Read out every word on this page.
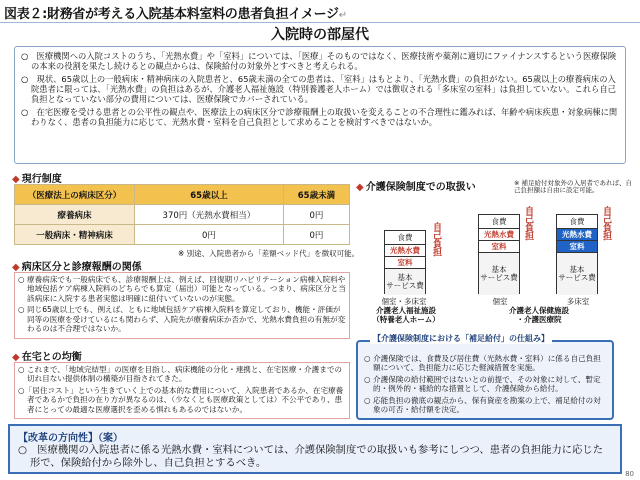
図表２:財務省が考える入院基本料室料の患者負担イメージ↵
入院時の部屋代

○　医療機関への入院コストのうち、「光熱水費」や「室料」については、「医療」そのものではなく、医療技術や薬剤に適切にファイナンスするという医療保険の本来の役割を果たし続けるとの観点からは、保険給付の対象外とすべきと考えられる。

○　現状、65歳以上の一般病床・精神病床の入院患者と、65歳未満の全ての患者は、「室料」はもとより、「光熱水費」の負担がない。65歳以上の療養病床の入院患者に限っては、「光熱水費」の負担はあるが、介護老人福祉施設（特別養護老人ホーム）では徴収される「多床室の室料」は負担していない。これら自己負担となっていない部分の費用については、医療保険でカバーされている。

○　在宅医療を受ける患者との公平性の観点や、医療法上の病床区分で診療報酬上の取扱いを変えることの不合理性に鑑みれば、年齢や病床疾患・対象病棟に関わりなく、患者の負担能力に応じて、光熱水費・室料を自己負担として求めることを検討すべきではないか。

◆ 現行制度
（医療法上の病床区分）	65歳以上	65歳未満
療養病床	370円（光熱水費相当）	0円
一般病床・精神病床	0円	0円
※ 別途、入院患者から「差額ベッド代」を徴収可能。
◆ 病床区分と診療報酬の関係

○ 療養病床でも一般病床でも、診療報酬上は、例えば、回復期リハビリテーション病棟入院料や地域包括ケア病棟入院料のどちらでも算定（届出）可能となっている。つまり、病床区分と当該病床に入院する患者実態は明確に紐付いていないのが実態。

○ 同じ65歳以上でも、例えば、ともに地域包括ケア病棟入院料を算定しており、機能・評価が同等の医療を受けているにも関わらず、入院先が療養病床か否かで、光熱水費負担の有無が変わるのは不合理ではないか。

◆ 在宅との均衡

○ これまで、「地域完結型」の医療を目指し、病床機能の分化・連携と、在宅医療・介護までの切れ目ない提供体制の構築が目指されてきた。

○「居住コスト」という生きていく上での基本的な費用について、入院患者であるか、在宅療養者であるかで負担の在り方が異なるのは、（少なくとも医療政策としては）不公平であり、患者にとっての最適な医療選択を歪める惧れもあるのではないか。

◆ 介護保険制度での取扱い	※ 補足給付対象外の入居者であれば、自己負担額は自由に設定可能。
食費
光熱水費
室料
基本
サービス費
自己負担
個室・多床室
介護老人福祉施設
（特養老人ホーム）
食費
光熱水費
室料
基本
サービス費
自己負担
個室
食費
光熱水費
室料
基本
サービス費
自己負担
多床室
介護老人保健施設
・介護医療院

○ 介護保険では、食費及び居住費（光熱水費・室料）に係る自己負担額について、負担能力に応じた軽減措置を実施。

○ 介護保険の給付範囲ではないとの前提で、その対象に対して、暫定的・例外的・補給的な措置として、介護保険から給付。

○ 応能負担の徹底の観点から、保有資産を勘案の上で、補足給付の対象の可否・給付額を決定。

【介護保険制度における「補足給付」の仕組み】
【改革の方向性】（案）
○　医療機関の入院患者に係る光熱水費・室料については、介護保険制度での取扱いも参考にしつつ、患者の負担能力に応じた形で、保険給付から除外し、自己負担とするべき。
80
